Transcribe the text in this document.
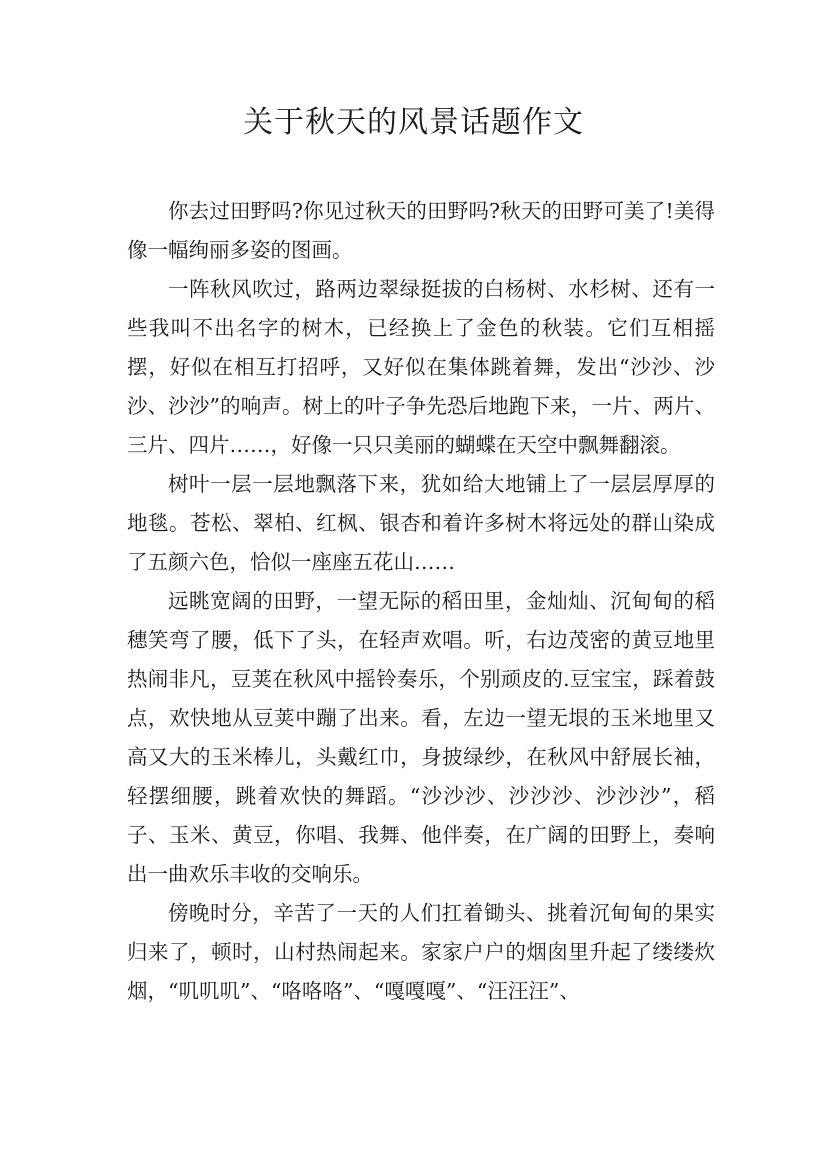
关于秋天的风景话题作文

你去过田野吗?你见过秋天的田野吗?秋天的田野可美了!美得像一幅绚丽多姿的图画。

一阵秋风吹过，路两边翠绿挺拔的白杨树、水杉树、还有一些我叫不出名字的树木，已经换上了金色的秋装。它们互相摇摆，好似在相互打招呼，又好似在集体跳着舞，发出“沙沙、沙沙、沙沙”的响声。树上的叶子争先恐后地跑下来，一片、两片、三片、四片……，好像一只只美丽的蝴蝶在天空中飘舞翻滚。

树叶一层一层地飘落下来，犹如给大地铺上了一层层厚厚的地毯。苍松、翠柏、红枫、银杏和着许多树木将远处的群山染成了五颜六色，恰似一座座五花山……

远眺宽阔的田野，一望无际的稻田里，金灿灿、沉甸甸的稻穗笑弯了腰，低下了头，在轻声欢唱。听，右边茂密的黄豆地里热闹非凡，豆荚在秋风中摇铃奏乐，个别顽皮的.豆宝宝，踩着鼓点，欢快地从豆荚中蹦了出来。看，左边一望无垠的玉米地里又高又大的玉米棒儿，头戴红巾，身披绿纱，在秋风中舒展长袖，轻摆细腰，跳着欢快的舞蹈。“沙沙沙、沙沙沙、沙沙沙”，稻子、玉米、黄豆，你唱、我舞、他伴奏，在广阔的田野上，奏响出一曲欢乐丰收的交响乐。

傍晚时分，辛苦了一天的人们扛着锄头、挑着沉甸甸的果实归来了，顿时，山村热闹起来。家家户户的烟囱里升起了缕缕炊烟，“叽叽叽”、“咯咯咯”、“嘎嘎嘎”、“汪汪汪”、
